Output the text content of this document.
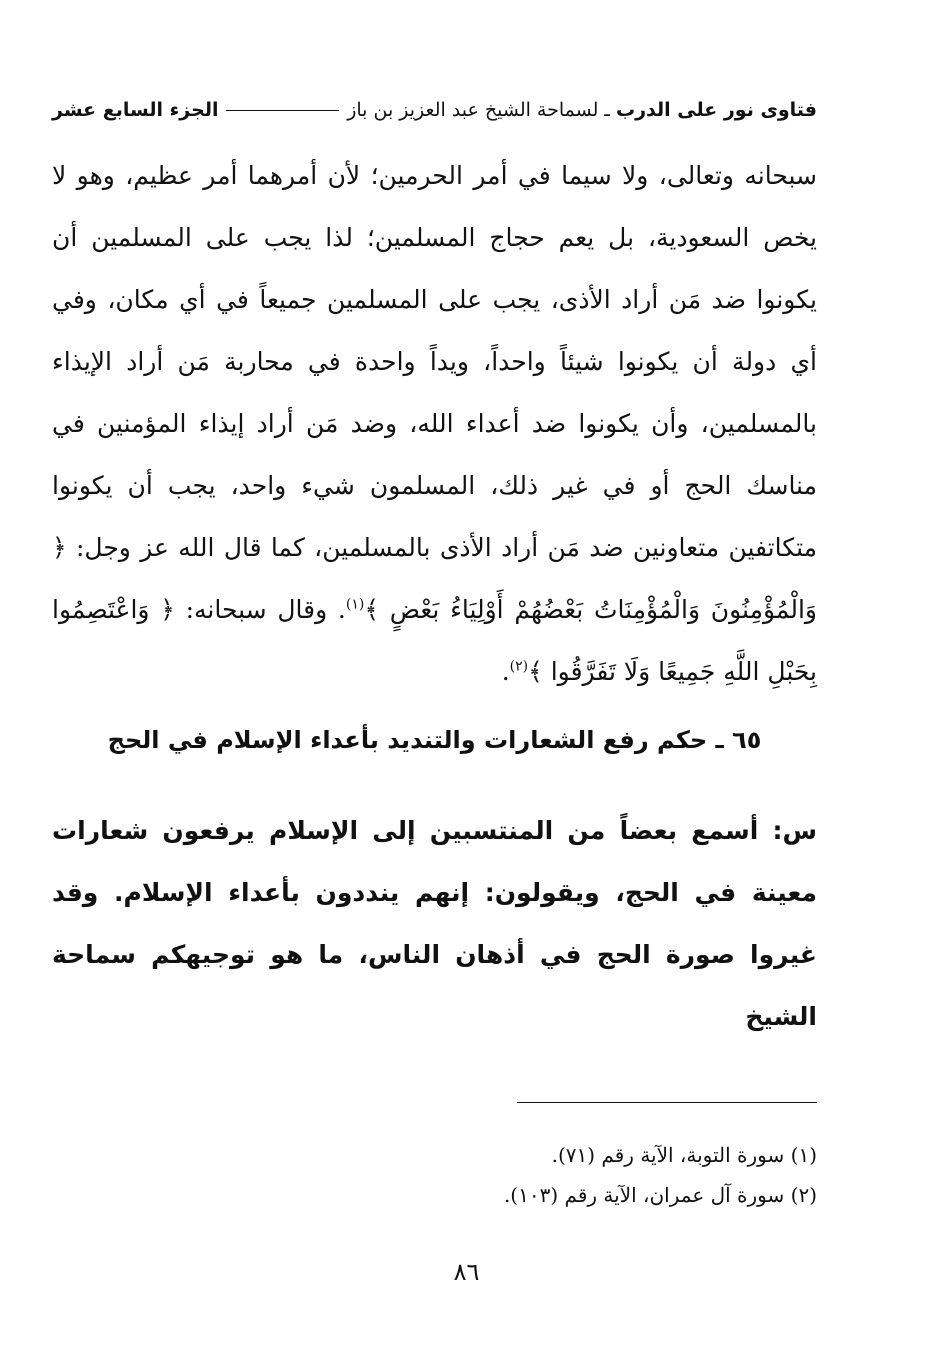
فتاوى نور على الدرب
ـ لسماحة الشيخ عبد العزيز بن باز
الجزء السابع عشر

سبحانه وتعالى، ولا سيما في أمر الحرمين؛ لأن أمرهما أمر عظيم، وهو لا يخص السعودية، بل يعم حجاج المسلمين؛ لذا يجب على المسلمين أن يكونوا ضد مَن أراد الأذى، يجب على المسلمين جميعاً في أي مكان، وفي أي دولة أن يكونوا شيئاً واحداً، ويداً واحدة في محاربة مَن أراد الإيذاء بالمسلمين، وأن يكونوا ضد أعداء الله، وضد مَن أراد إيذاء المؤمنين في مناسك الحج أو في غير ذلك، المسلمون شيء واحد، يجب أن يكونوا متكاتفين متعاونين ضد مَن أراد الأذى بالمسلمين، كما قال الله عز وجل: ﴿ وَالْمُؤْمِنُونَ وَالْمُؤْمِنَاتُ بَعْضُهُمْ أَوْلِيَاءُ بَعْضٍ ﴾$^{(١)}$. وقال سبحانه: ﴿ وَاعْتَصِمُوا بِحَبْلِ اللَّهِ جَمِيعًا وَلَا تَفَرَّقُوا ﴾$^{(٢)}$.

٦٥ ـ حكم رفع الشعارات والتنديد بأعداء الإسلام في الحج
س: أسمع بعضاً من المنتسبين إلى الإسلام يرفعون شعارات معينة في الحج، ويقولون: إنهم ينددون بأعداء الإسلام. وقد غيروا صورة الحج في أذهان الناس، ما هو توجيهكم سماحة الشيخ
(١) سورة التوبة، الآية رقم (٧١).
(٢) سورة آل عمران، الآية رقم (١٠٣).
٨٦
